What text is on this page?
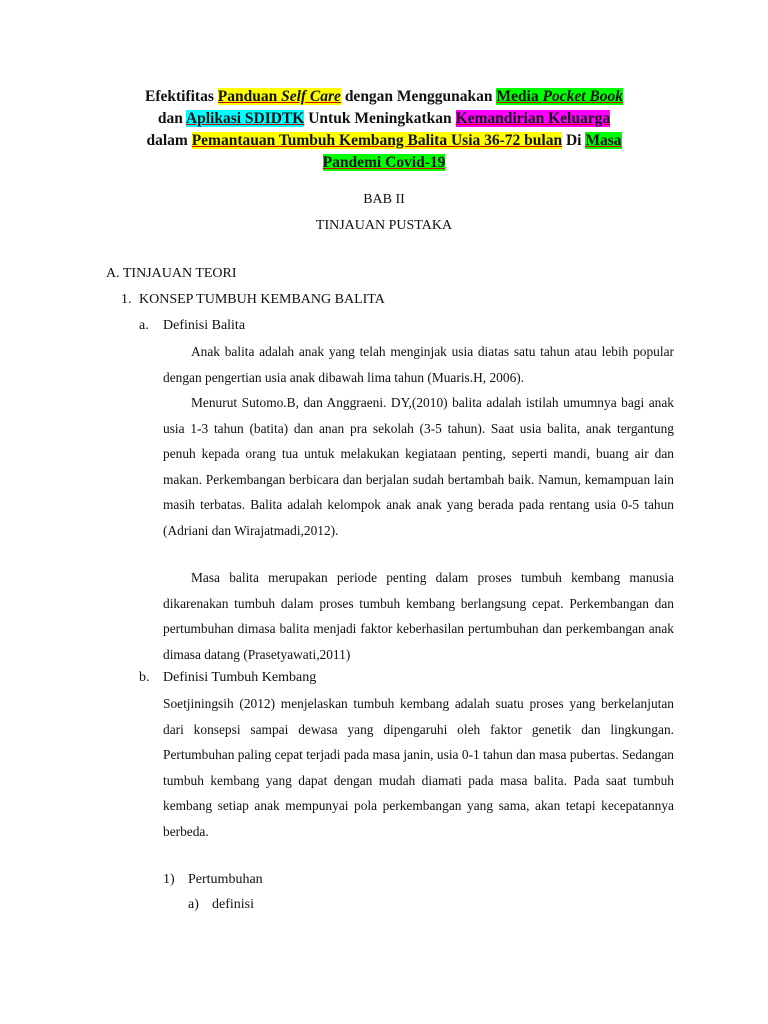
Efektifitas Panduan Self Care dengan Menggunakan Media Pocket Book
dan Aplikasi SDIDTK Untuk Meningkatkan Kemandirian Keluarga
dalam Pemantauan Tumbuh Kembang Balita Usia 36-72 bulan Di Masa
Pandemi Covid-19
BAB II
TINJAUAN PUSTAKA
A. TINJAUAN TEORI
1. KONSEP TUMBUH KEMBANG BALITA
a. Definisi Balita
Anak balita adalah anak yang telah menginjak usia diatas satu tahun atau lebih popular dengan pengertian usia anak dibawah lima tahun (Muaris.H, 2006).
Menurut Sutomo.B, dan Anggraeni. DY,(2010) balita adalah istilah umumnya bagi anak usia 1-3 tahun (batita) dan anan pra sekolah (3-5 tahun). Saat usia balita, anak tergantung penuh kepada orang tua untuk melakukan kegiataan penting, seperti mandi, buang air dan makan. Perkembangan berbicara dan berjalan sudah bertambah baik. Namun, kemampuan lain masih terbatas. Balita adalah kelompok anak anak yang berada pada rentang usia 0-5 tahun (Adriani dan Wirajatmadi,2012).
Masa balita merupakan periode penting dalam proses tumbuh kembang manusia dikarenakan tumbuh dalam proses tumbuh kembang berlangsung cepat. Perkembangan dan pertumbuhan dimasa balita menjadi faktor keberhasilan pertumbuhan dan perkembangan anak dimasa datang (Prasetyawati,2011)
b. Definisi Tumbuh Kembang
Soetjiningsih (2012) menjelaskan tumbuh kembang adalah suatu proses yang berkelanjutan dari konsepsi sampai dewasa yang dipengaruhi oleh faktor genetik dan lingkungan. Pertumbuhan paling cepat terjadi pada masa janin, usia 0-1 tahun dan masa pubertas. Sedangan tumbuh kembang yang dapat dengan mudah diamati pada masa balita. Pada saat tumbuh kembang setiap anak mempunyai pola perkembangan yang sama, akan tetapi kecepatannya berbeda.
1) Pertumbuhan
a) definisi
